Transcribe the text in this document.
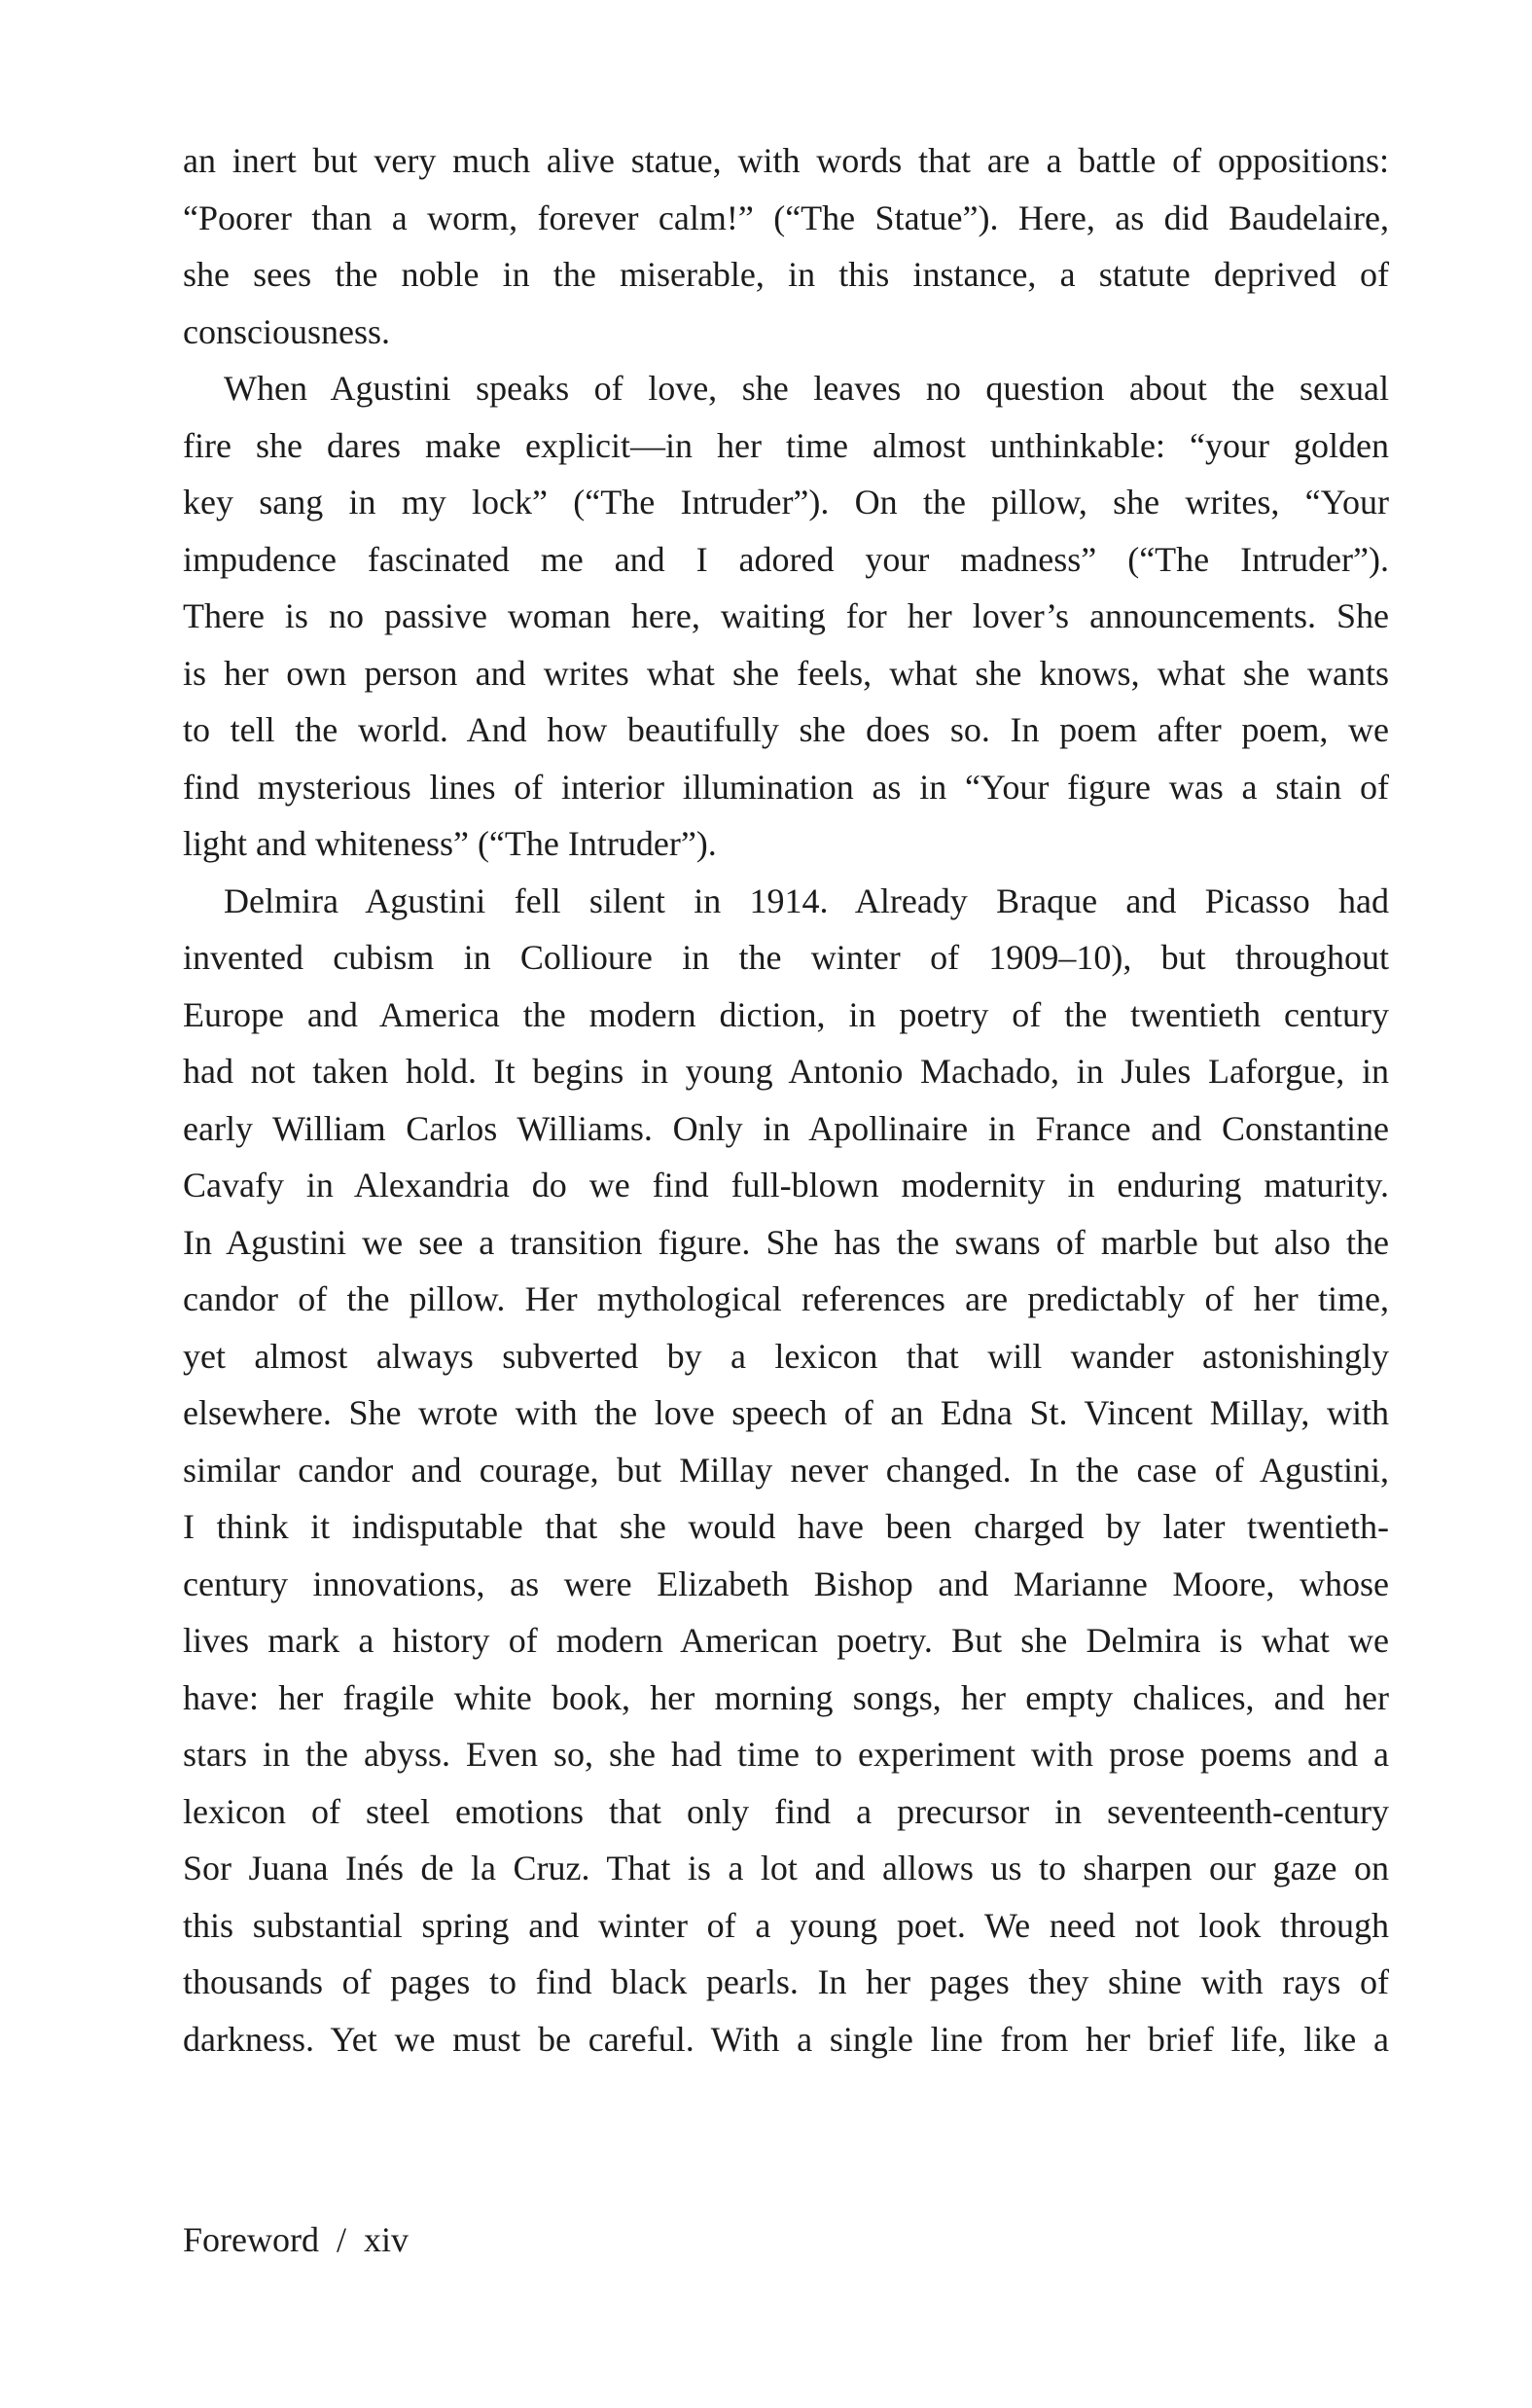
an inert but very much alive statue, with words that are a battle of oppositions:
“Poorer than a worm, forever calm!” (“The Statue”). Here, as did Baudelaire,
she sees the noble in the miserable, in this instance, a statute deprived of
consciousness.
When Agustini speaks of love, she leaves no question about the sexual
fire she dares make explicit—in her time almost unthinkable: “your golden
key sang in my lock” (“The Intruder”). On the pillow, she writes, “Your
impudence fascinated me and I adored your madness” (“The Intruder”).
There is no passive woman here, waiting for her lover’s announcements. She
is her own person and writes what she feels, what she knows, what she wants
to tell the world. And how beautifully she does so. In poem after poem, we
find mysterious lines of interior illumination as in “Your figure was a stain of
light and whiteness” (“The Intruder”).
Delmira Agustini fell silent in 1914. Already Braque and Picasso had
invented cubism in Collioure in the winter of 1909–10), but throughout
Europe and America the modern diction, in poetry of the twentieth century
had not taken hold. It begins in young Antonio Machado, in Jules Laforgue, in
early William Carlos Williams. Only in Apollinaire in France and Constantine
Cavafy in Alexandria do we find full-blown modernity in enduring maturity.
In Agustini we see a transition figure. She has the swans of marble but also the
candor of the pillow. Her mythological references are predictably of her time,
yet almost always subverted by a lexicon that will wander astonishingly
elsewhere. She wrote with the love speech of an Edna St. Vincent Millay, with
similar candor and courage, but Millay never changed. In the case of Agustini,
I think it indisputable that she would have been charged by later twentieth-
century innovations, as were Elizabeth Bishop and Marianne Moore, whose
lives mark a history of modern American poetry. But she Delmira is what we
have: her fragile white book, her morning songs, her empty chalices, and her
stars in the abyss. Even so, she had time to experiment with prose poems and a
lexicon of steel emotions that only find a precursor in seventeenth-century
Sor Juana Inés de la Cruz. That is a lot and allows us to sharpen our gaze on
this substantial spring and winter of a young poet. We need not look through
thousands of pages to find black pearls. In her pages they shine with rays of
darkness. Yet we must be careful. With a single line from her brief life, like a
Foreword / xiv
